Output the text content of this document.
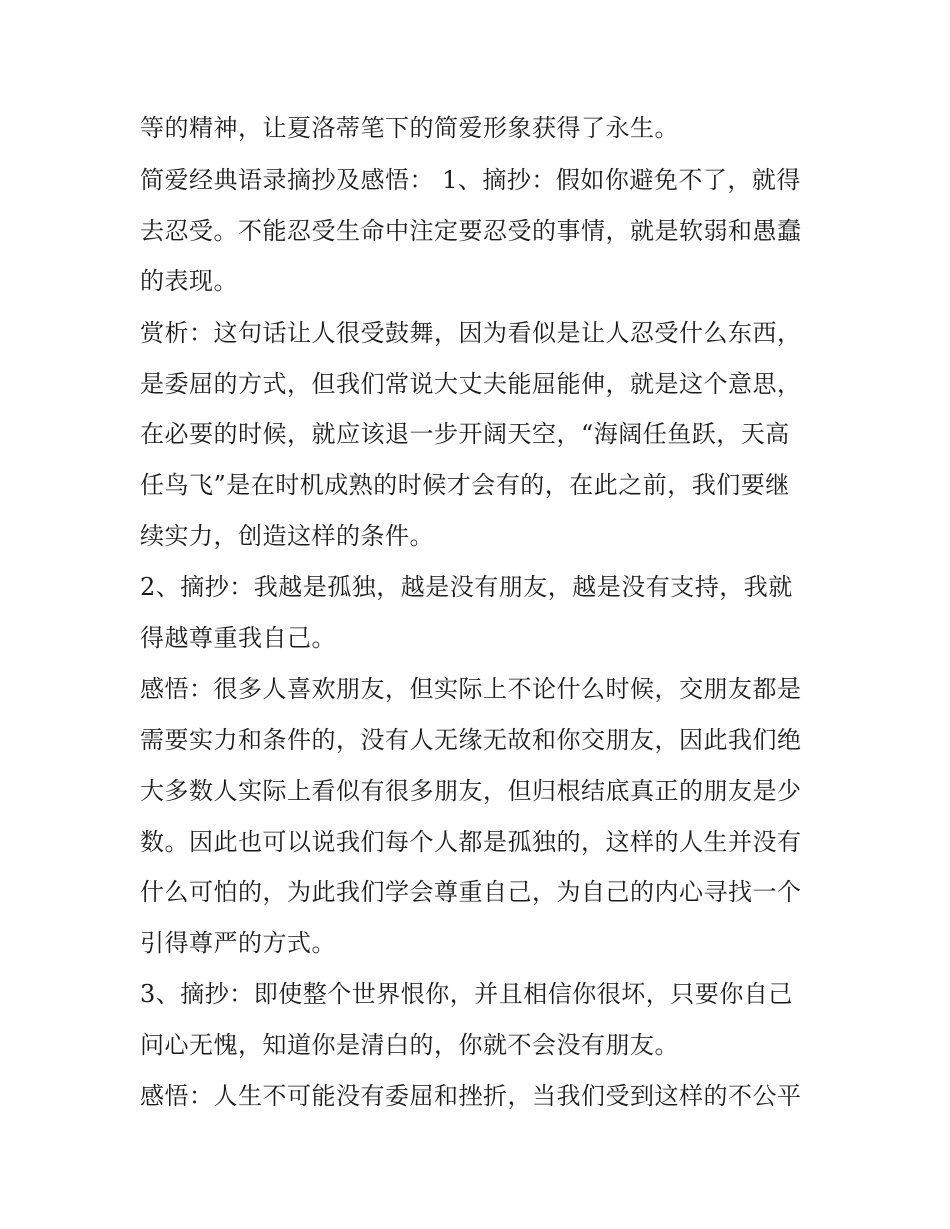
等的精神，让夏洛蒂笔下的简爱形象获得了永生。
简爱经典语录摘抄及感悟： 1、摘抄：假如你避免不了，就得
去忍受。不能忍受生命中注定要忍受的事情，就是软弱和愚蠢
的表现。
赏析：这句话让人很受鼓舞，因为看似是让人忍受什么东西，
是委屈的方式，但我们常说大丈夫能屈能伸，就是这个意思，
在必要的时候，就应该退一步开阔天空，“海阔任鱼跃，天高
任鸟飞”是在时机成熟的时候才会有的，在此之前，我们要继
续实力，创造这样的条件。
2、摘抄：我越是孤独，越是没有朋友，越是没有支持，我就
得越尊重我自己。
感悟：很多人喜欢朋友，但实际上不论什么时候，交朋友都是
需要实力和条件的，没有人无缘无故和你交朋友，因此我们绝
大多数人实际上看似有很多朋友，但归根结底真正的朋友是少
数。因此也可以说我们每个人都是孤独的，这样的人生并没有
什么可怕的，为此我们学会尊重自己，为自己的内心寻找一个
引得尊严的方式。
3、摘抄：即使整个世界恨你，并且相信你很坏，只要你自己
问心无愧，知道你是清白的，你就不会没有朋友。
感悟：人生不可能没有委屈和挫折，当我们受到这样的不公平
